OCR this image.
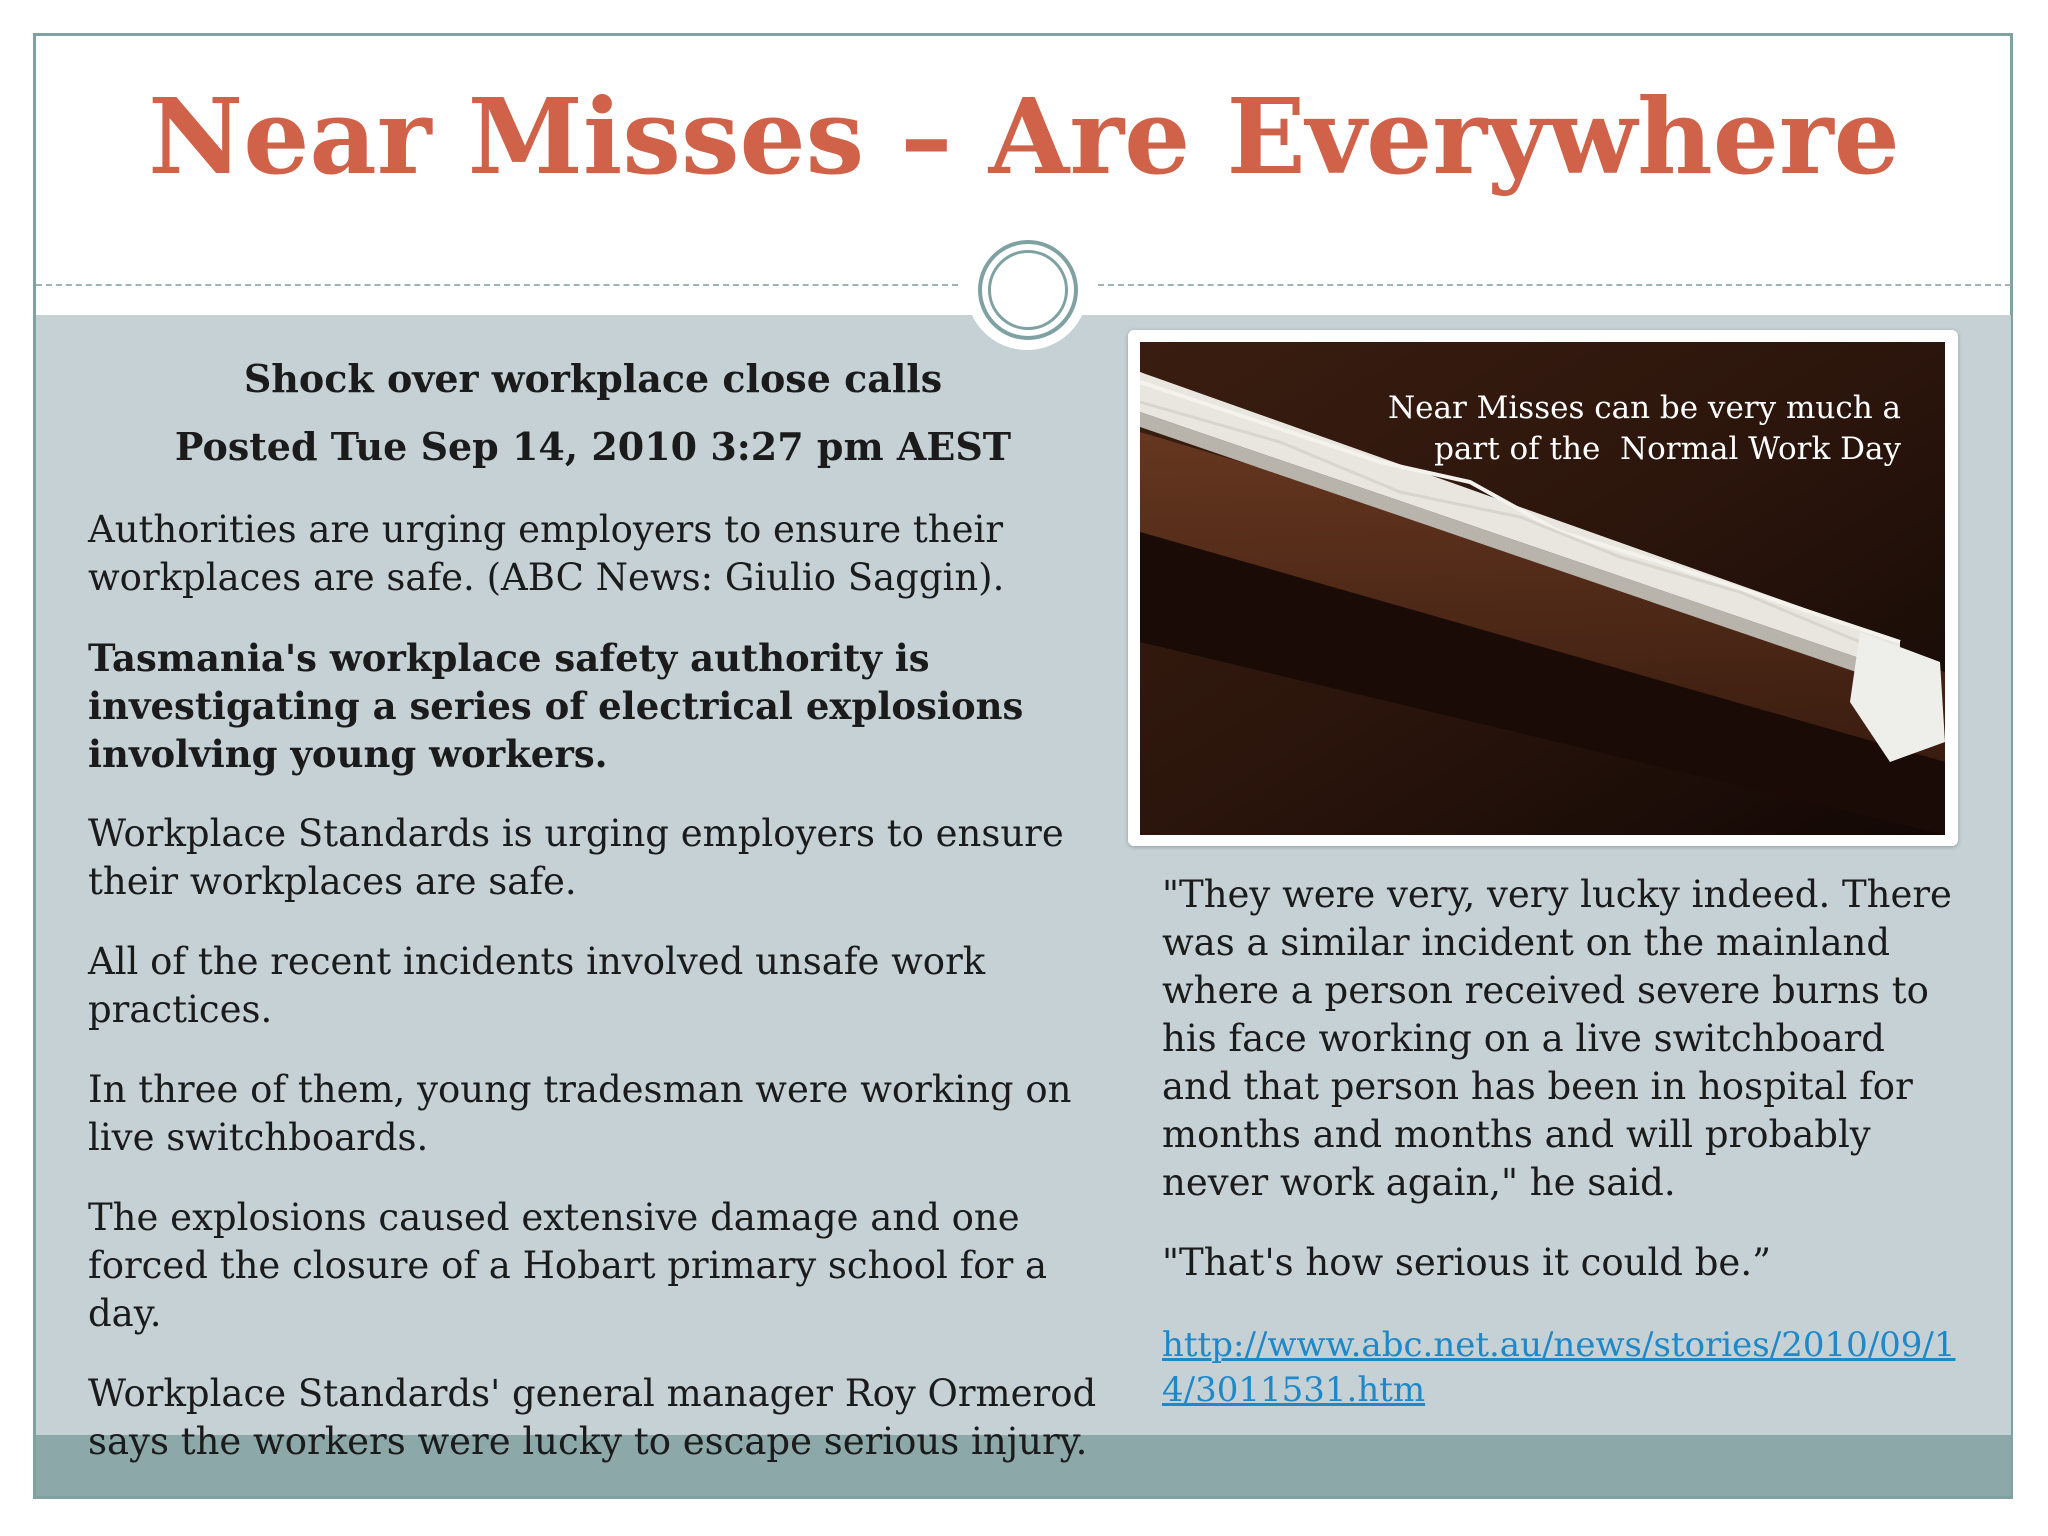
Near Misses – Are Everywhere
Shock over workplace close calls
Posted Tue Sep 14, 2010 3:27 pm AEST

Authorities are urging employers to ensure their workplaces are safe. (ABC News: Giulio Saggin).

Tasmania's workplace safety authority is investigating a series of electrical explosions involving young workers.

Workplace Standards is urging employers to ensure their workplaces are safe.

All of the recent incidents involved unsafe work practices.

In three of them, young tradesman were working on live switchboards.

The explosions caused extensive damage and one forced the closure of a Hobart primary school for a day.

Workplace Standards' general manager Roy Ormerod says the workers were lucky to escape serious injury.

Near Misses can be very much a
part of the  Normal Work Day

"They were very, very lucky indeed. There was a similar incident on the mainland where a person received severe burns to his face working on a live switchboard and that person has been in hospital for months and months and will probably never work again," he said.

"That's how serious it could be.”

http://www.abc.net.au/news/stories/2010/09/14/3011531.htm
